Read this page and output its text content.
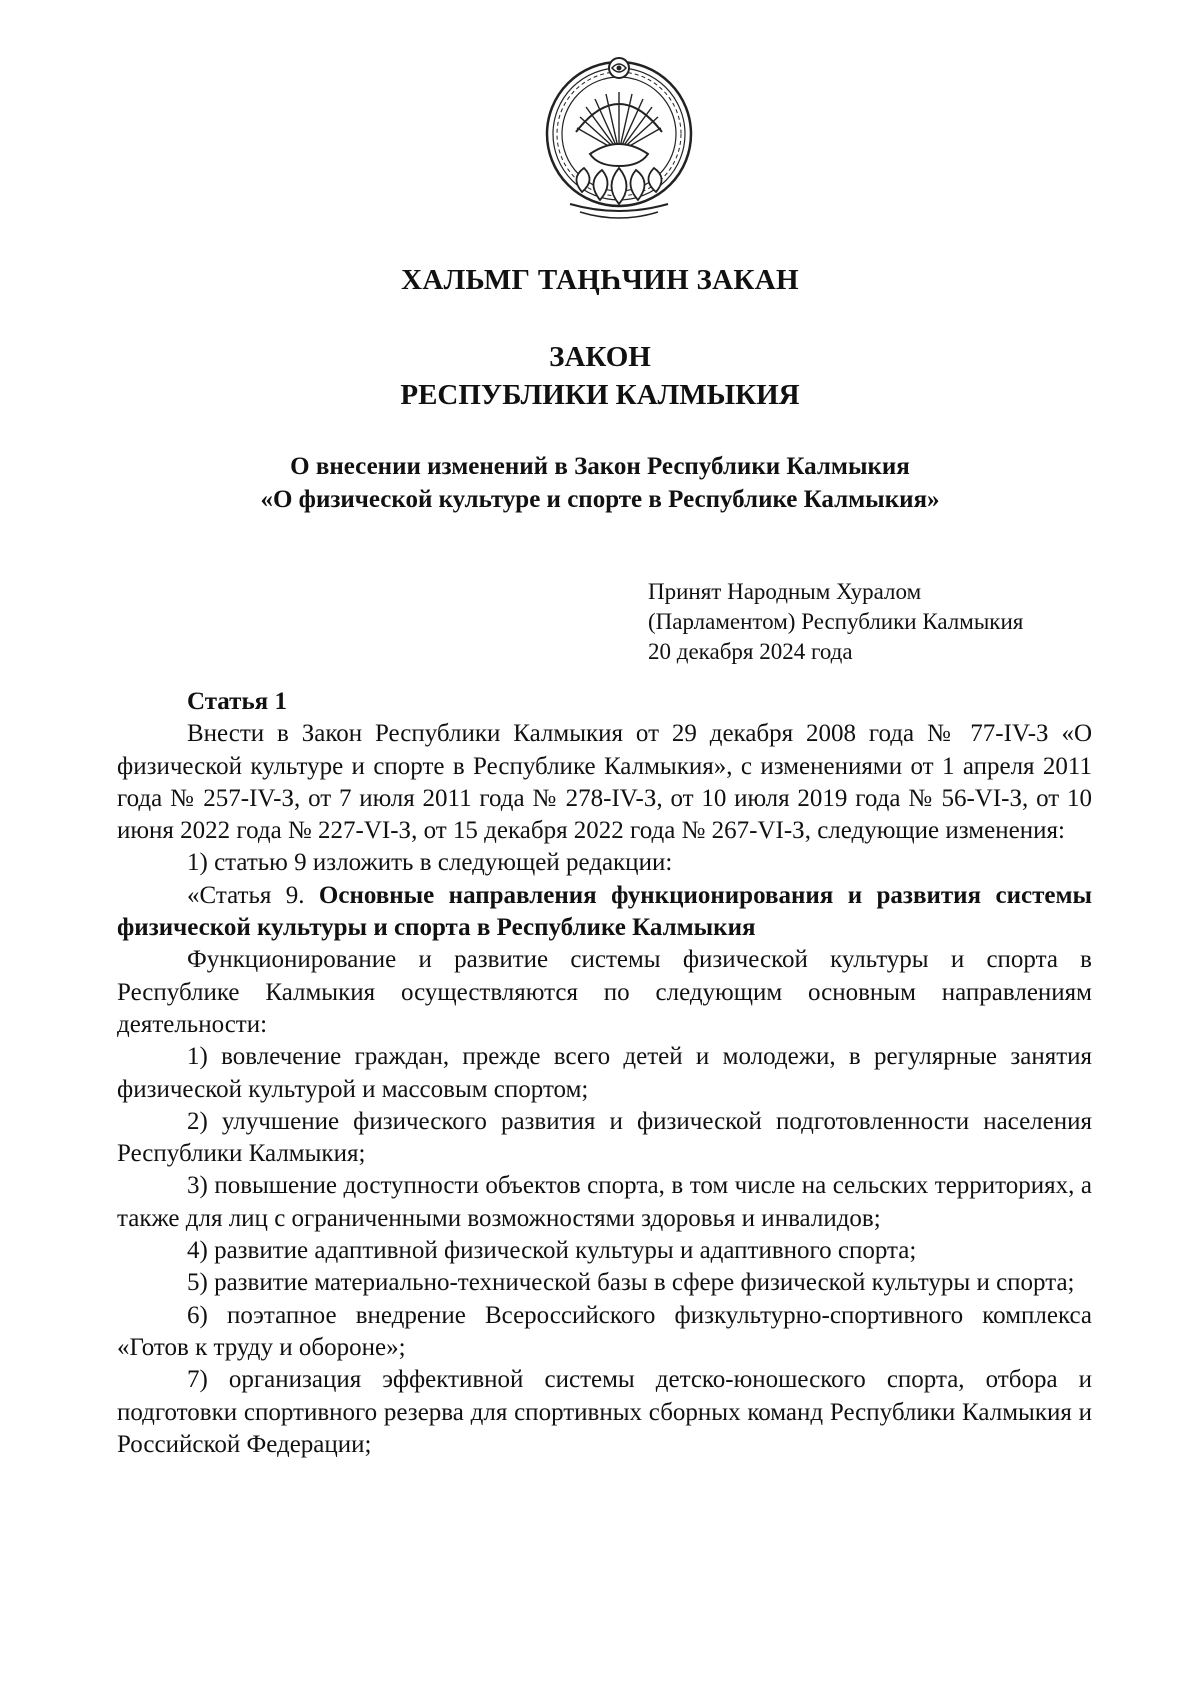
ХАЛЬМГ ТАҢҺЧИН ЗАКАН
ЗАКОН
РЕСПУБЛИКИ КАЛМЫКИЯ
О внесении изменений в Закон Республики Калмыкия
«О физической культуре и спорте в Республике Калмыкия»
Принят Народным Хуралом
(Парламентом) Республики Калмыкия
20 декабря 2024 года

Статья 1

Внести в Закон Республики Калмыкия от 29 декабря 2008 года № 77-IV-З «О физической культуре и спорте в Республике Калмыкия», с изменениями от 1 апреля 2011 года № 257-IV-З, от 7 июля 2011 года № 278-IV-З, от 10 июля 2019 года № 56-VI-З, от 10 июня 2022 года № 227-VI-З, от 15 декабря 2022 года № 267-VI-З, следующие изменения:

1) статью 9 изложить в следующей редакции:

«Статья 9. Основные направления функционирования и развития системы физической культуры и спорта в Республике Калмыкия

Функционирование и развитие системы физической культуры и спорта в Республике Калмыкия осуществляются по следующим основным направлениям деятельности:

1) вовлечение граждан, прежде всего детей и молодежи, в регулярные занятия физической культурой и массовым спортом;

2) улучшение физического развития и физической подготовленности населения Республики Калмыкия;

3) повышение доступности объектов спорта, в том числе на сельских территориях, а также для лиц с ограниченными возможностями здоровья и инвалидов;

4) развитие адаптивной физической культуры и адаптивного спорта;

5) развитие материально-технической базы в сфере физической культуры и спорта;

6) поэтапное внедрение Всероссийского физкультурно-спортивного комплекса «Готов к труду и обороне»;

7) организация эффективной системы детско-юношеского спорта, отбора и подготовки спортивного резерва для спортивных сборных команд Республики Калмыкия и Российской Федерации;
